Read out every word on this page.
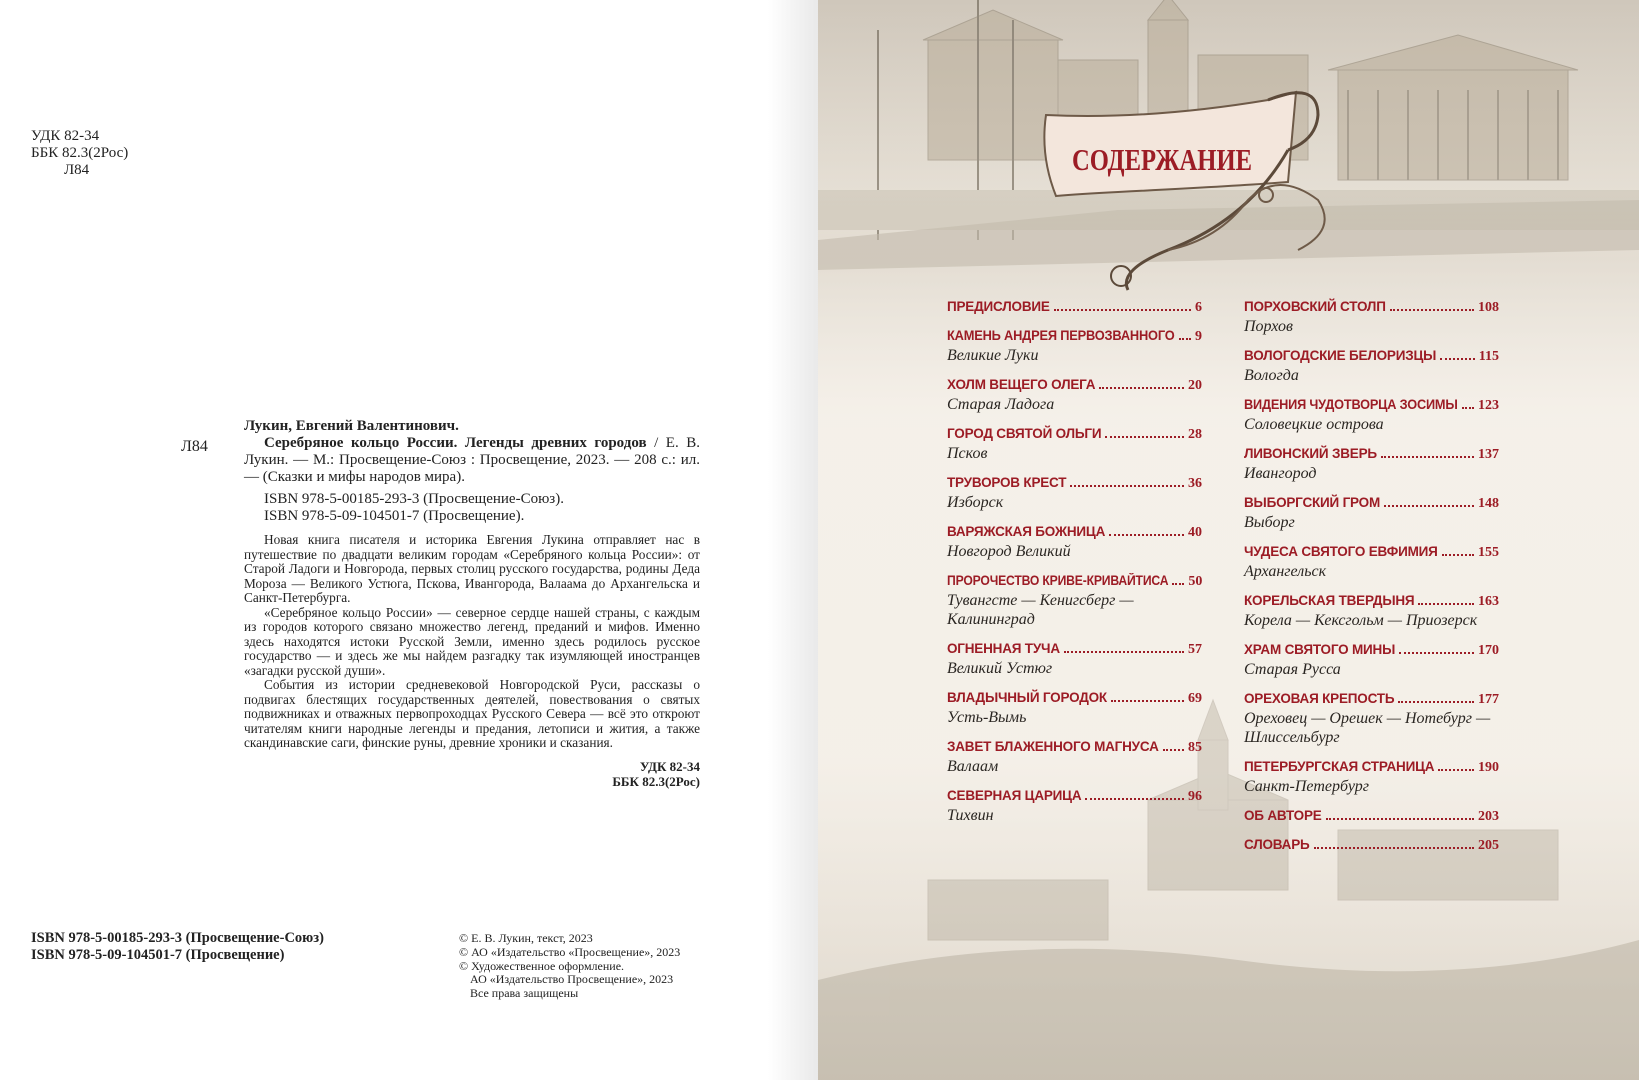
УДК 82-34
ББК 82.3(2Рос)
Л84
Л84

Лукин, Евгений Валентинович.

Серебряное кольцо России. Легенды древних городов / Е. В. Лукин. — М.: Просвещение-Союз : Просвещение, 2023. — 208 с.: ил. — (Сказки и мифы народов мира).

ISBN 978-5-00185-293-3 (Просвещение-Союз).

ISBN 978-5-09-104501-7 (Просвещение).

Новая книга писателя и историка Евгения Лукина отправляет нас в путешествие по двадцати великим городам «Серебряного кольца России»: от Старой Ладоги и Новгорода, первых столиц русского государства, родины Деда Мороза — Великого Устюга, Пскова, Ивангорода, Валаама до Архангельска и Санкт-Петербурга.

«Серебряное кольцо России» — северное сердце нашей страны, с каждым из городов которого связано множество легенд, преданий и мифов. Именно здесь находятся истоки Русской Земли, именно здесь родилось русское государство — и здесь же мы найдем разгадку так изумляющей иностранцев «загадки русской души».

События из истории средневековой Новгородской Руси, рассказы о подвигах блестящих государственных деятелей, повествования о святых подвижниках и отважных первопроходцах Русского Севера — всё это откроют читателям книги народные легенды и предания, летописи и жития, а также скандинавские саги, финские руны, древние хроники и сказания.

УДК 82-34
ББК 82.3(2Рос)
ISBN 978-5-00185-293-3 (Просвещение-Союз)
ISBN 978-5-09-104501-7 (Просвещение)
© Е. В. Лукин, текст, 2023
© АО «Издательство «Просвещение», 2023
© Художественное оформление.
АО «Издательство Просвещение», 2023
Все права защищены
СОДЕРЖАНИЕ
ПРЕДИСЛОВИЕ	6
КАМЕНЬ АНДРЕЯ ПЕРВОЗВАННОГО 9
Великие Луки
ХОЛМ ВЕЩЕГО ОЛЕГА	20
Старая Ладога
ГОРОД СВЯТОЙ ОЛЬГИ	28
Псков
ТРУВОРОВ КРЕСТ	36
Изборск
ВАРЯЖСКАЯ БОЖНИЦА	40
Новгород Великий
ПРОРОЧЕСТВО КРИВЕ-КРИВАЙТИСА 50
Тувангсте — Кенигсберг — Калининград
ОГНЕННАЯ ТУЧА	57
Великий Устюг
ВЛАДЫЧНЫЙ ГОРОДОК	69
Усть-Вымь
ЗАВЕТ БЛАЖЕННОГО МАГНУСА 85
Валаам
СЕВЕРНАЯ ЦАРИЦА	96
Тихвин
ПОРХОВСКИЙ СТОЛП	108
Порхов
ВОЛОГОДСКИЕ БЕЛОРИЗЦЫ	115
Вологда
ВИДЕНИЯ ЧУДОТВОРЦА ЗОСИМЫ 123
Соловецкие острова
ЛИВОНСКИЙ ЗВЕРЬ	137
Ивангород
ВЫБОРГСКИЙ ГРОМ	148
Выборг
ЧУДЕСА СВЯТОГО ЕВФИМИЯ	155
Архангельск
КОРЕЛЬСКАЯ ТВЕРДЫНЯ	163
Корела — Кексгольм — Приозерск
ХРАМ СВЯТОГО МИНЫ	170
Старая Русса
ОРЕХОВАЯ КРЕПОСТЬ	177
Ореховец — Орешек — Нотебург — Шлиссельбург
ПЕТЕРБУРГСКАЯ СТРАНИЦА	190
Санкт-Петербург
ОБ АВТОРЕ	203
СЛОВАРЬ	205
